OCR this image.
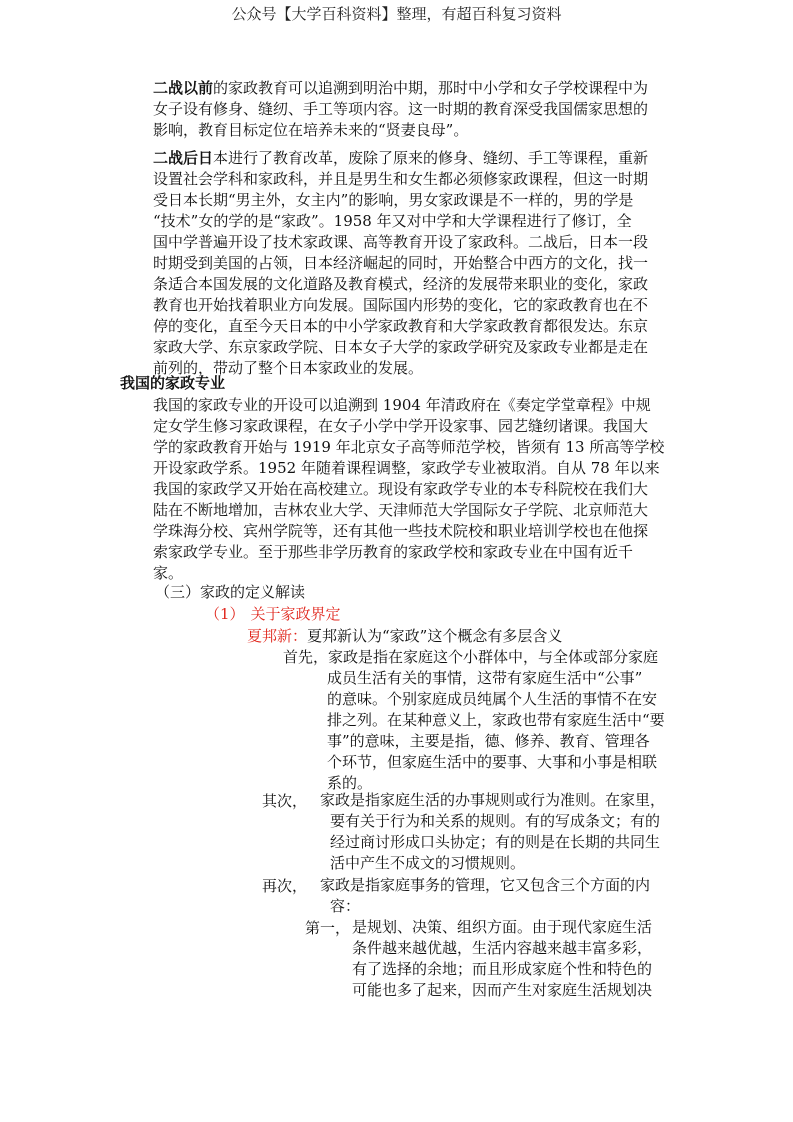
公众号【大学百科资料】整理，有超百科复习资料
二战以前的家政教育可以追溯到明治中期，那时中小学和女子学校课程中为
女子设有修身、缝纫、手工等项内容。这一时期的教育深受我国儒家思想的
影响，教育目标定位在培养未来的“贤妻良母”。
二战后日本进行了教育改革，废除了原来的修身、缝纫、手工等课程，重新
设置社会学科和家政科，并且是男生和女生都必须修家政课程，但这一时期
受日本长期“男主外，女主内”的影响，男女家政课是不一样的，男的学是
“技术”女的学的是“家政”。1958 年又对中学和大学课程进行了修订，全
国中学普遍开设了技术家政课、高等教育开设了家政科。二战后，日本一段
时期受到美国的占领，日本经济崛起的同时，开始整合中西方的文化，找一
条适合本国发展的文化道路及教育模式，经济的发展带来职业的变化，家政
教育也开始找着职业方向发展。国际国内形势的变化，它的家政教育也在不
停的变化，直至今天日本的中小学家政教育和大学家政教育都很发达。东京
家政大学、东京家政学院、日本女子大学的家政学研究及家政专业都是走在
前列的，带动了整个日本家政业的发展。
我国的家政专业
我国的家政专业的开设可以追溯到 1904 年清政府在《奏定学堂章程》中规
定女学生修习家政课程，在女子小学中学开设家事、园艺缝纫诸课。我国大
学的家政教育开始与 1919 年北京女子高等师范学校，皆须有 13 所高等学校
开设家政学系。1952 年随着课程调整，家政学专业被取消。自从 78 年以来
我国的家政学又开始在高校建立。现设有家政学专业的本专科院校在我们大
陆在不断地增加，吉林农业大学、天津师范大学国际女子学院、北京师范大
学珠海分校、宾州学院等，还有其他一些技术院校和职业培训学校也在他探
索家政学专业。至于那些非学历教育的家政学校和家政专业在中国有近千
家。
（三）家政的定义解读
（1） 关于家政界定
夏邦新：夏邦新认为“家政”这个概念有多层含义
首先，家政是指在家庭这个小群体中，与全体或部分家庭
成员生活有关的事情，这带有家庭生活中“公事”
的意味。个别家庭成员纯属个人生活的事情不在安
排之列。在某种意义上，家政也带有家庭生活中“要
事”的意味，主要是指，德、修养、教育、管理各
个环节，但家庭生活中的要事、大事和小事是相联
系的。
其次， 家政是指家庭生活的办事规则或行为准则。在家里，
要有关于行为和关系的规则。有的写成条文；有的
经过商讨形成口头协定；有的则是在长期的共同生
活中产生不成文的习惯规则。
再次， 家政是指家庭事务的管理，它又包含三个方面的内
容：
第一， 是规划、决策、组织方面。由于现代家庭生活
条件越来越优越，生活内容越来越丰富多彩，
有了选择的余地；而且形成家庭个性和特色的
可能也多了起来，因而产生对家庭生活规划决
